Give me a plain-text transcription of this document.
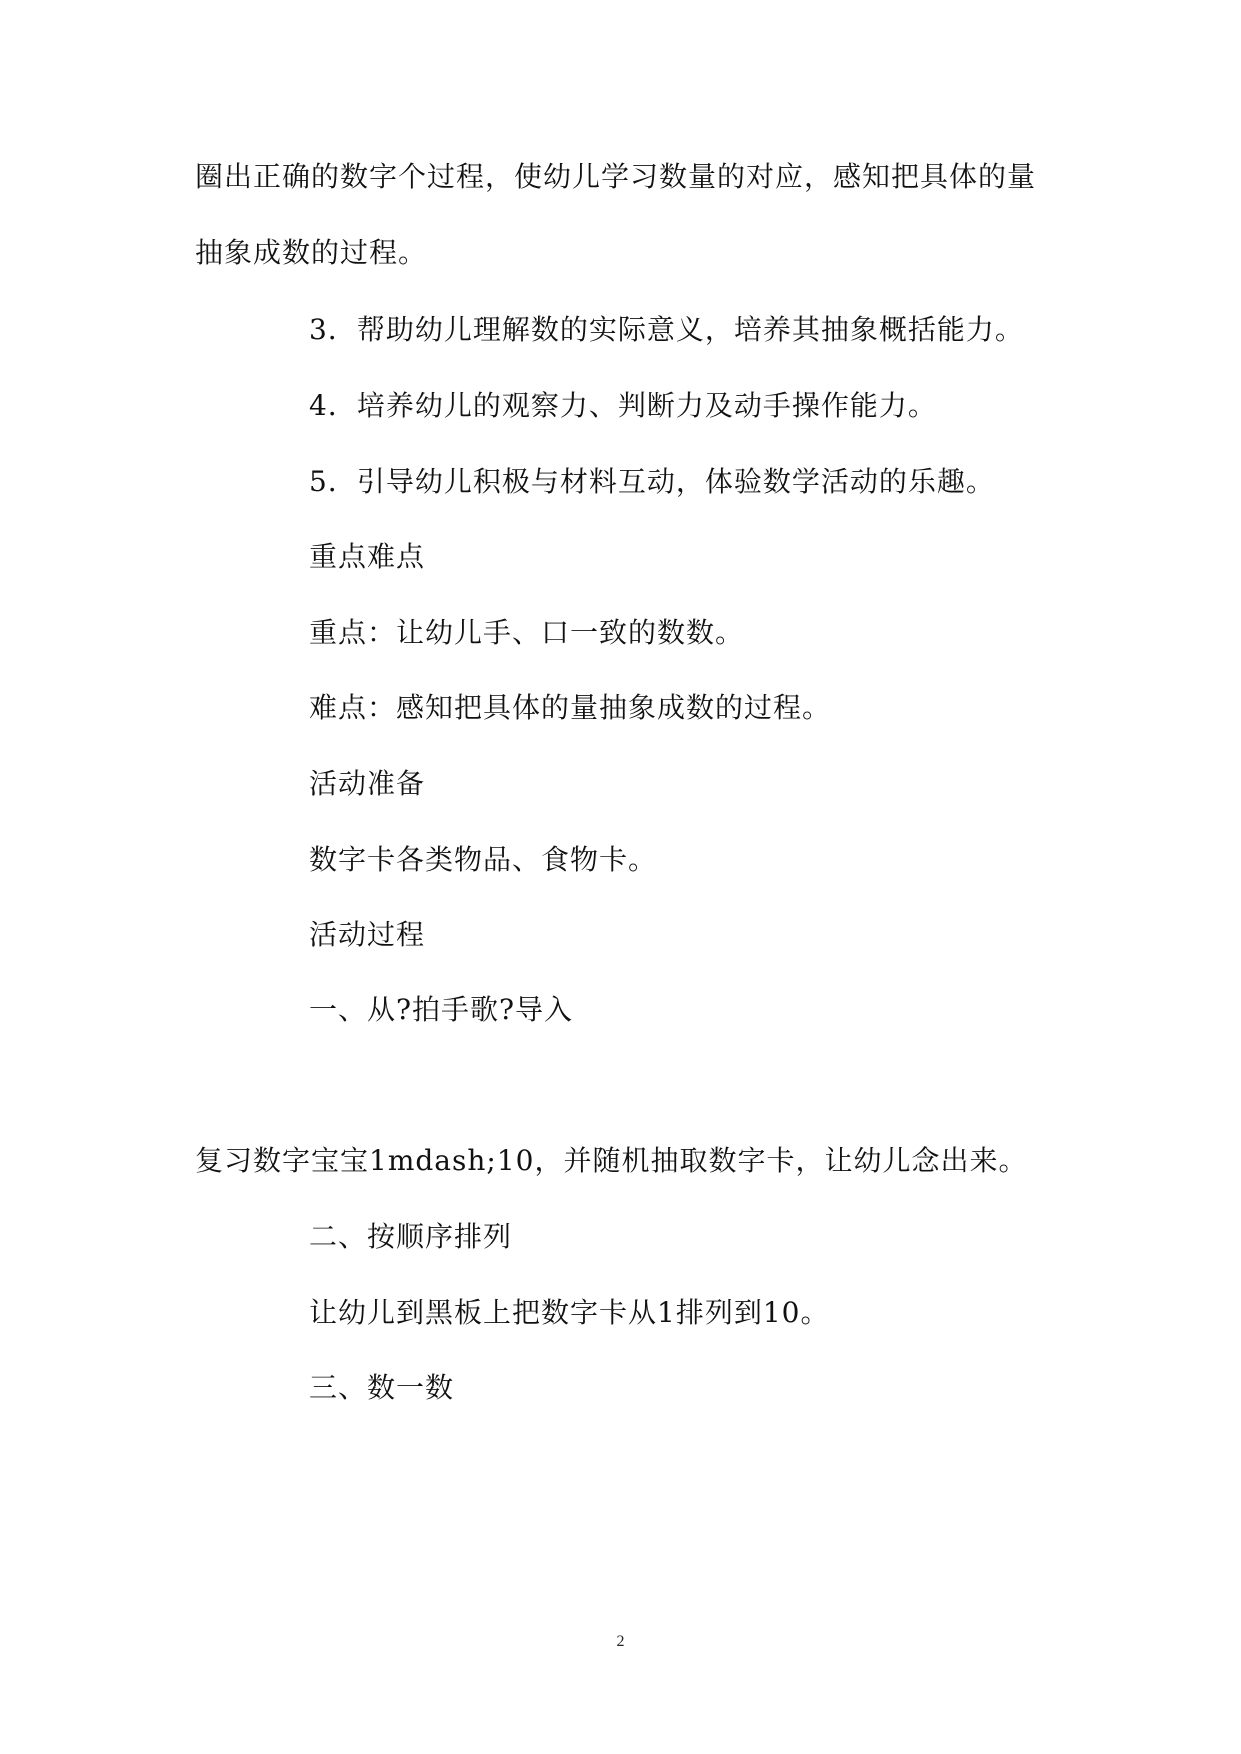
圈出正确的数字个过程，使幼儿学习数量的对应，感知把具体的量

抽象成数的过程。

3．帮助幼儿理解数的实际意义，培养其抽象概括能力。

4．培养幼儿的观察力、判断力及动手操作能力。

5．引导幼儿积极与材料互动，体验数学活动的乐趣。

重点难点

重点：让幼儿手、口一致的数数。

难点：感知把具体的量抽象成数的过程。

活动准备

数字卡各类物品、食物卡。

活动过程

一、从?拍手歌?导入

复习数字宝宝1mdash;10，并随机抽取数字卡，让幼儿念出来。

二、按顺序排列

让幼儿到黑板上把数字卡从1排列到10。

三、数一数

2
